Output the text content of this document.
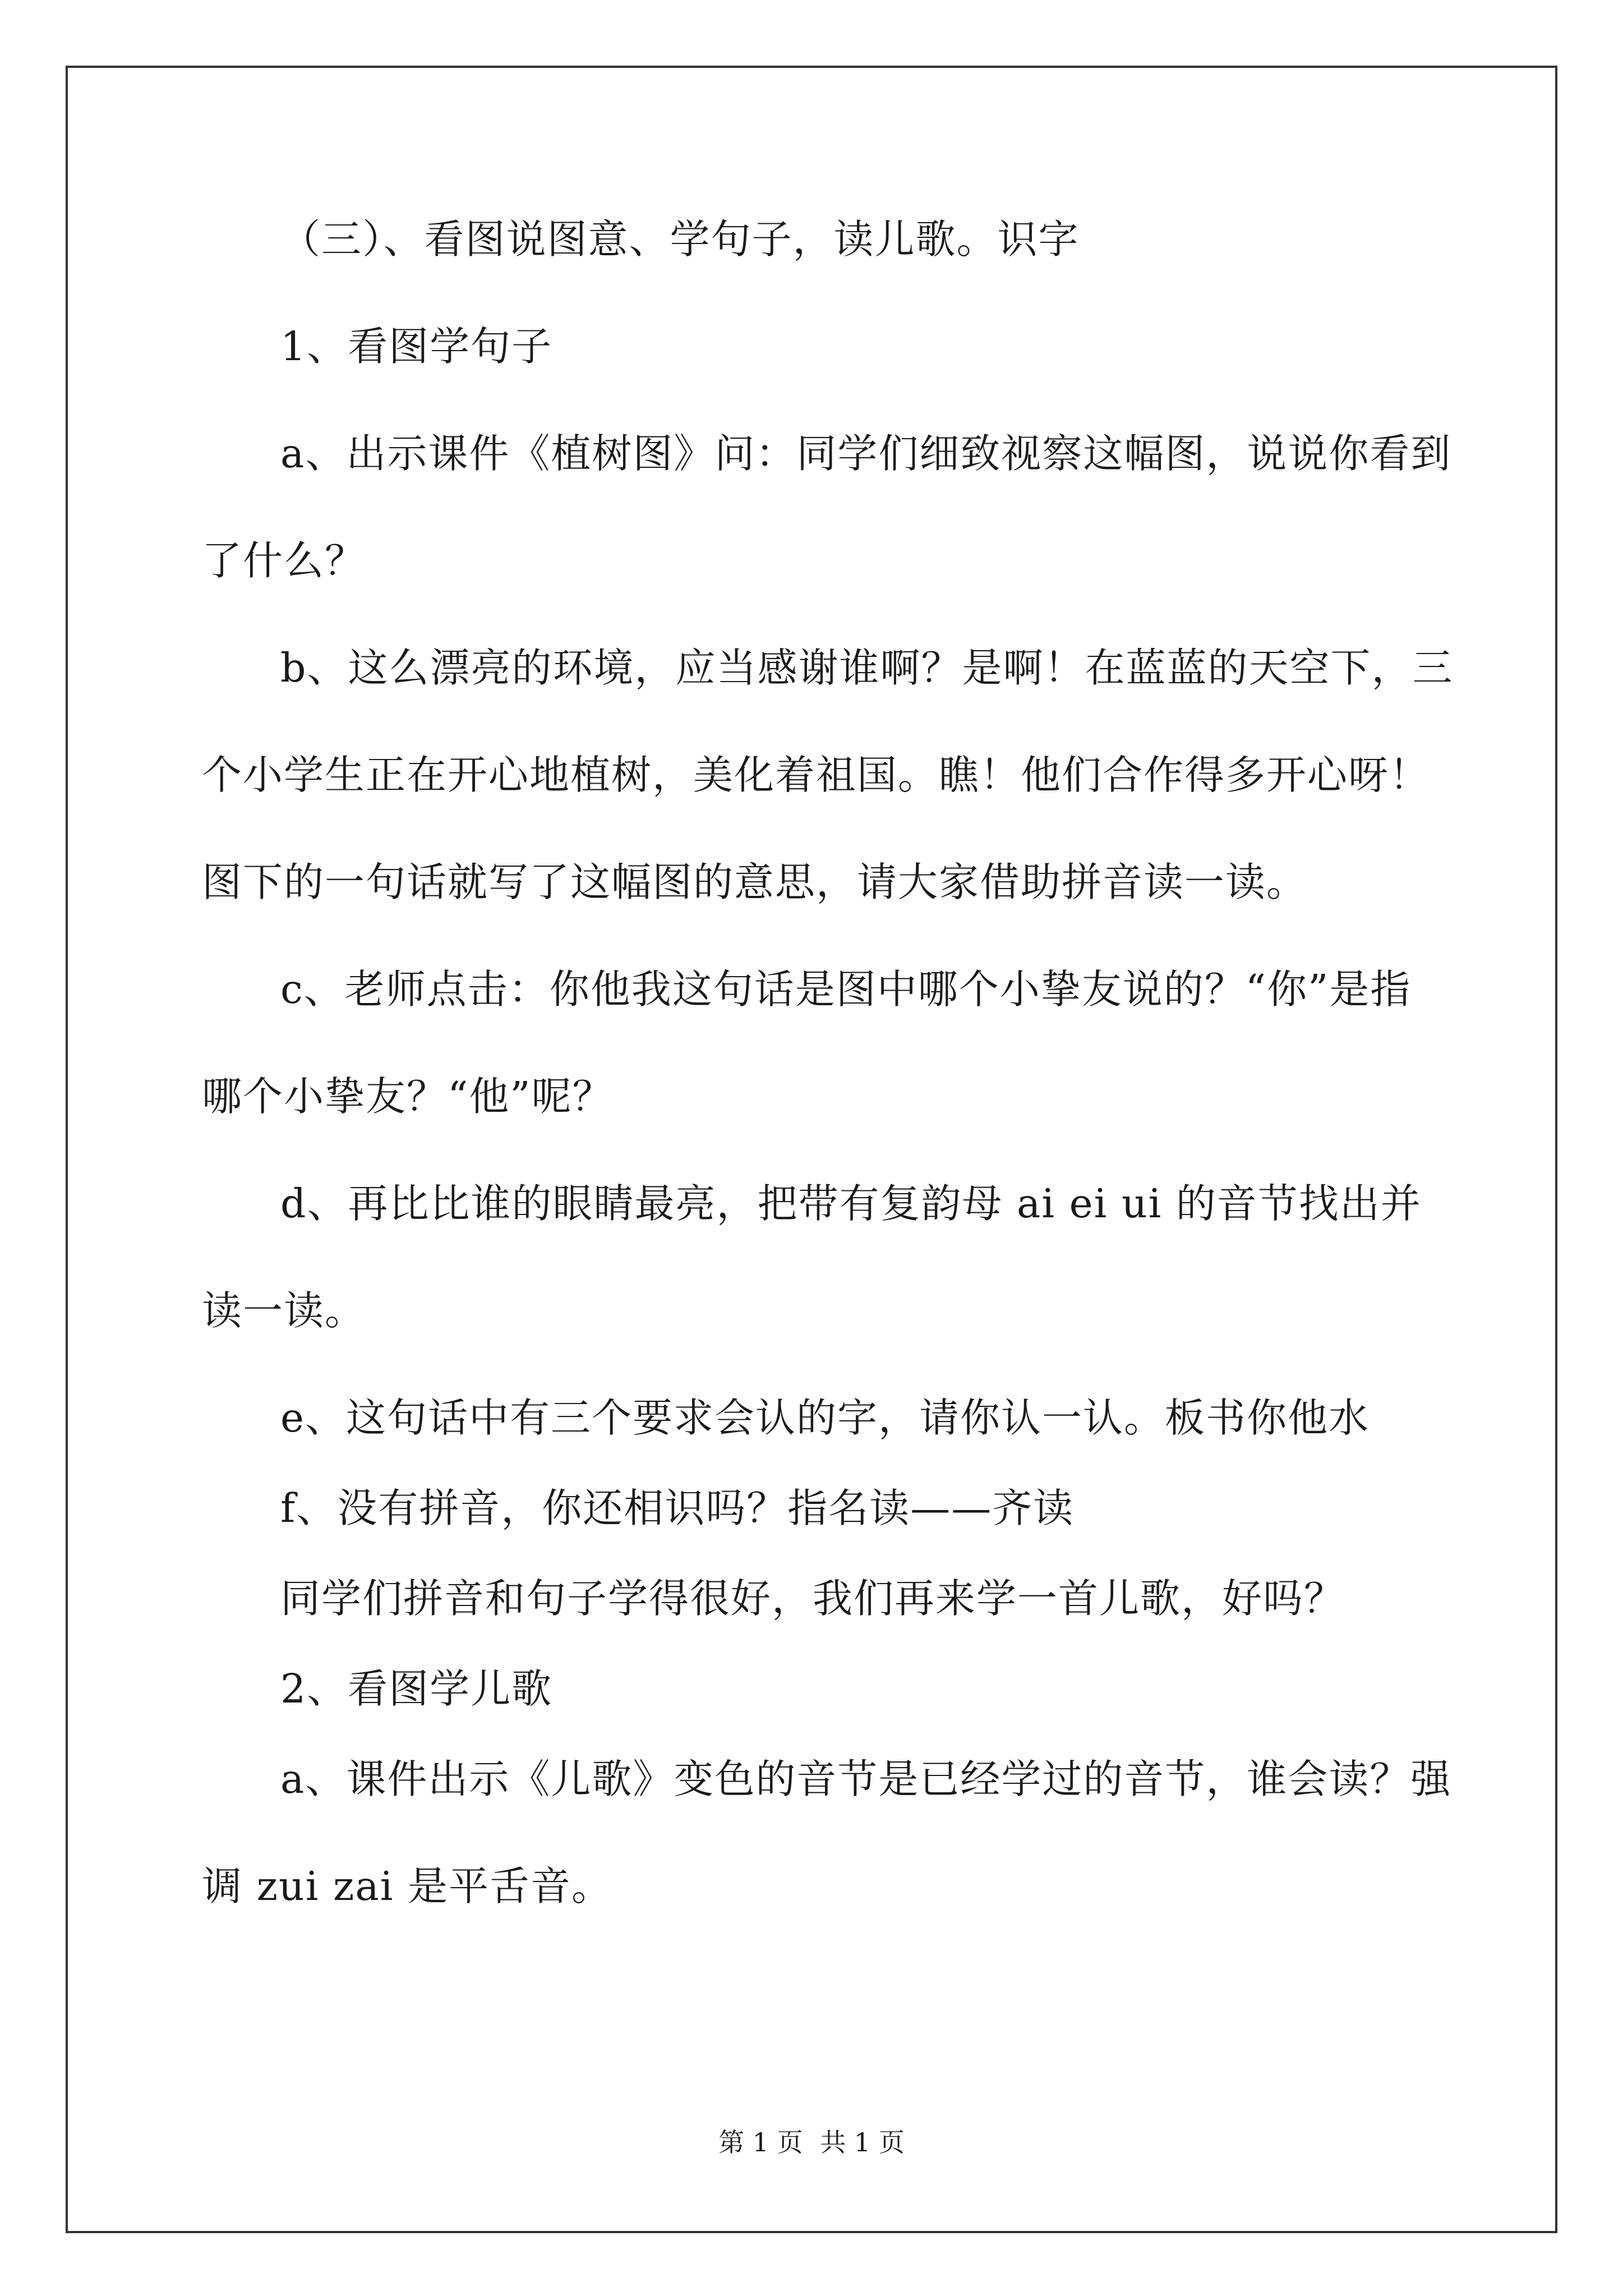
（三）、看图说图意、学句子，读儿歌。识字

1、看图学句子

a、出示课件《植树图》问：同学们细致视察这幅图，说说你看到

了什么？

b、这么漂亮的环境，应当感谢谁啊？是啊！在蓝蓝的天空下，三

个小学生正在开心地植树，美化着祖国。瞧！他们合作得多开心呀！

图下的一句话就写了这幅图的意思，请大家借助拼音读一读。

c、老师点击：你他我这句话是图中哪个小挚友说的？“你”是指

哪个小挚友？“他”呢？

d、再比比谁的眼睛最亮，把带有复韵母 ai ei ui 的音节找出并

读一读。

e、这句话中有三个要求会认的字，请你认一认。板书你他水

f、没有拼音，你还相识吗？指名读——齐读

同学们拼音和句子学得很好，我们再来学一首儿歌，好吗？

2、看图学儿歌

a、课件出示《儿歌》变色的音节是已经学过的音节，谁会读？强

调 zui zai 是平舌音。

第 1 页 共 1 页
